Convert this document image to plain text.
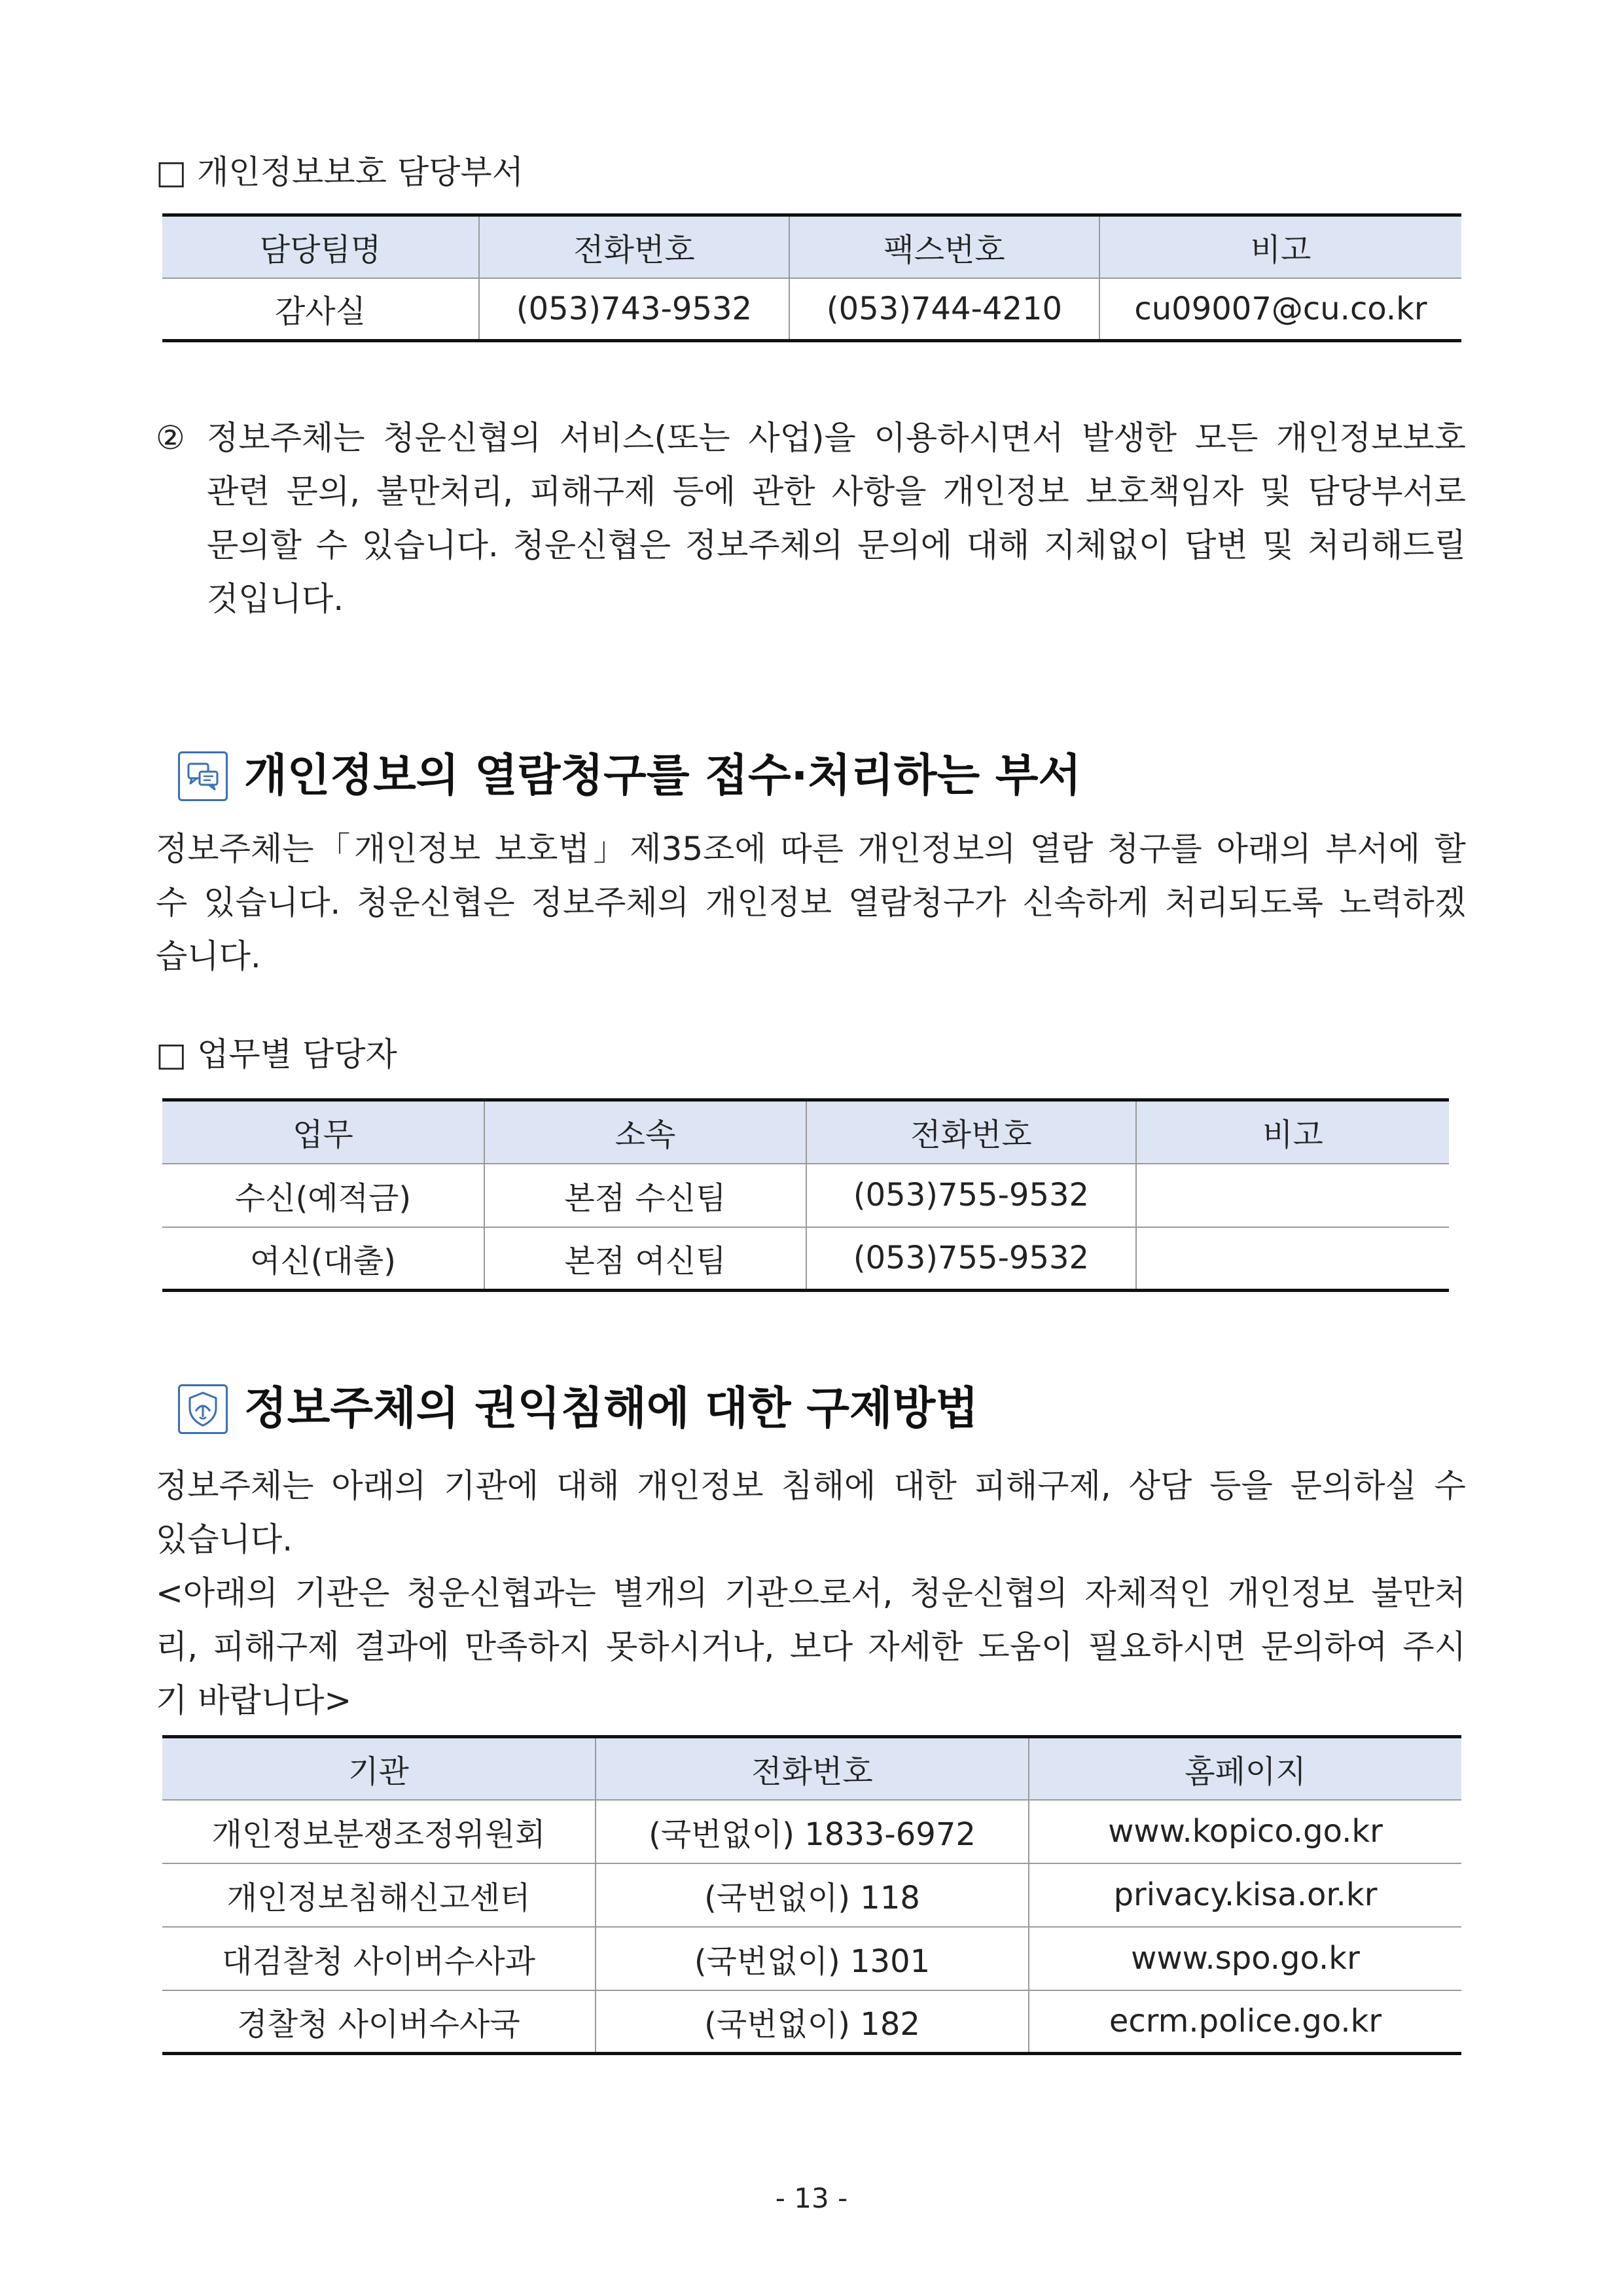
□ 개인정보보호 담당부서
담당팀명	전화번호	팩스번호	비고
감사실	(053)743-9532	(053)744-4210	cu09007@cu.co.kr
② 정보주체는 청운신협의 서비스(또는 사업)을 이용하시면서 발생한 모든 개인정보보호
관련 문의, 불만처리, 피해구제 등에 관한 사항을 개인정보 보호책임자 및 담당부서로
문의할 수 있습니다. 청운신협은 정보주체의 문의에 대해 지체없이 답변 및 처리해드릴
것입니다.
개인정보의 열람청구를 접수·처리하는 부서
정보주체는「개인정보 보호법」제35조에 따른 개인정보의 열람 청구를 아래의 부서에 할
수 있습니다. 청운신협은 정보주체의 개인정보 열람청구가 신속하게 처리되도록 노력하겠
습니다.
□ 업무별 담당자
업무	소속	전화번호	비고
수신(예적금)	본점 수신팀	(053)755-9532	
여신(대출)	본점 여신팀	(053)755-9532	
정보주체의 권익침해에 대한 구제방법
정보주체는 아래의 기관에 대해 개인정보 침해에 대한 피해구제, 상담 등을 문의하실 수
있습니다.
<아래의 기관은 청운신협과는 별개의 기관으로서, 청운신협의 자체적인 개인정보 불만처
리, 피해구제 결과에 만족하지 못하시거나, 보다 자세한 도움이 필요하시면 문의하여 주시
기 바랍니다>
기관	전화번호	홈페이지
개인정보분쟁조정위원회	(국번없이) 1833-6972	www.kopico.go.kr
개인정보침해신고센터	(국번없이) 118	privacy.kisa.or.kr
대검찰청 사이버수사과	(국번없이) 1301	www.spo.go.kr
경찰청 사이버수사국	(국번없이) 182	ecrm.police.go.kr
- 13 -
